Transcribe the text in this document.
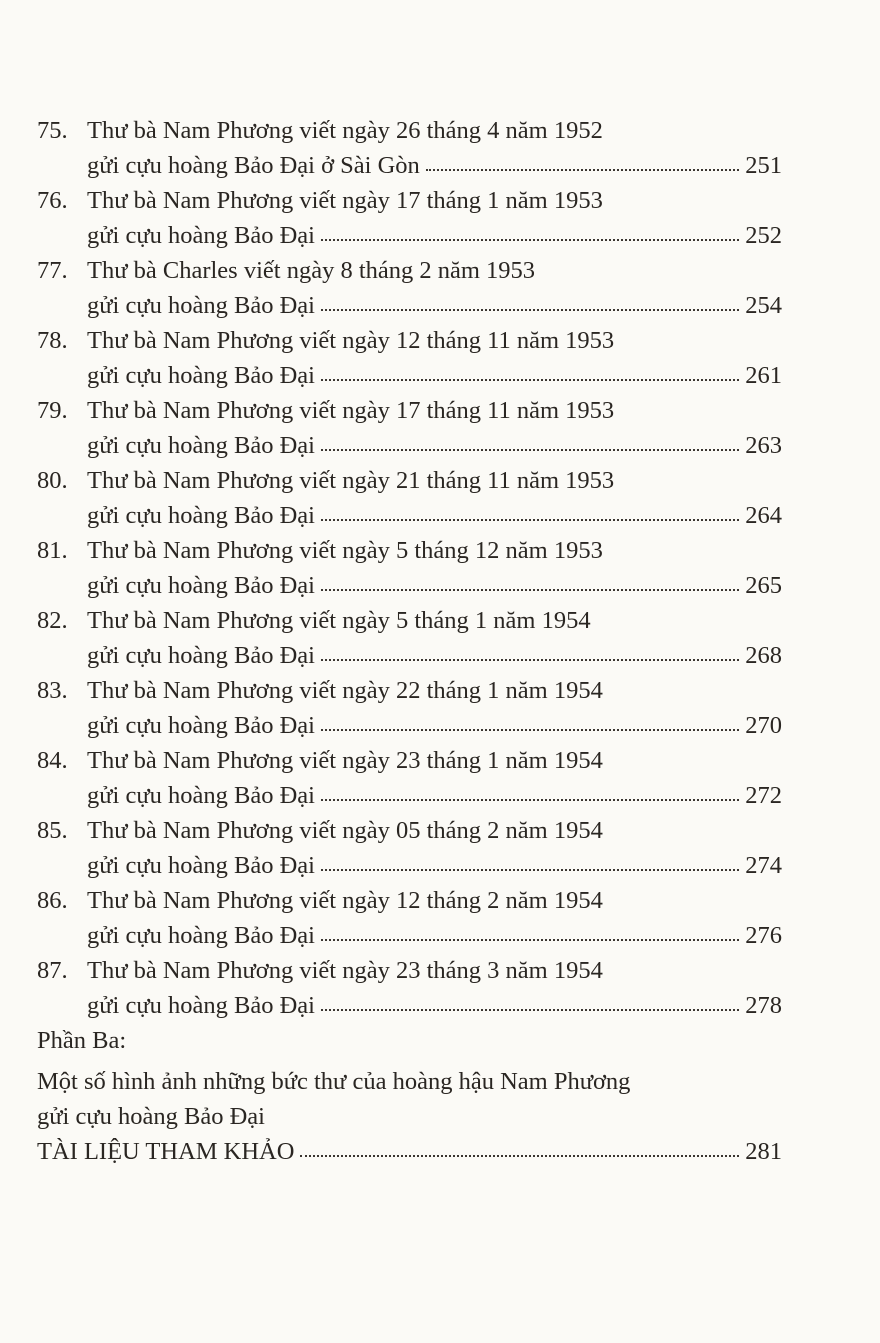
75. Thư bà Nam Phương viết ngày 26 tháng 4 năm 1952
gửi cựu hoàng Bảo Đại ở Sài Gòn	251
76. Thư bà Nam Phương viết ngày 17 tháng 1 năm 1953
gửi cựu hoàng Bảo Đại	252
77. Thư bà Charles viết ngày 8 tháng 2 năm 1953
gửi cựu hoàng Bảo Đại	254
78. Thư bà Nam Phương viết ngày 12 tháng 11 năm 1953
gửi cựu hoàng Bảo Đại	261
79. Thư bà Nam Phương viết ngày 17 tháng 11 năm 1953
gửi cựu hoàng Bảo Đại	263
80. Thư bà Nam Phương viết ngày 21 tháng 11 năm 1953
gửi cựu hoàng Bảo Đại	264
81. Thư bà Nam Phương viết ngày 5 tháng 12 năm 1953
gửi cựu hoàng Bảo Đại	265
82. Thư bà Nam Phương viết ngày 5 tháng 1 năm 1954
gửi cựu hoàng Bảo Đại	268
83. Thư bà Nam Phương viết ngày 22 tháng 1 năm 1954
gửi cựu hoàng Bảo Đại	270
84. Thư bà Nam Phương viết ngày 23 tháng 1 năm 1954
gửi cựu hoàng Bảo Đại	272
85. Thư bà Nam Phương viết ngày 05 tháng 2 năm 1954
gửi cựu hoàng Bảo Đại	274
86. Thư bà Nam Phương viết ngày 12 tháng 2 năm 1954
gửi cựu hoàng Bảo Đại	276
87. Thư bà Nam Phương viết ngày 23 tháng 3 năm 1954
gửi cựu hoàng Bảo Đại	278
Phần Ba:
Một số hình ảnh những bức thư của hoàng hậu Nam Phương
gửi cựu hoàng Bảo Đại
TÀI LIỆU THAM KHẢO	281
